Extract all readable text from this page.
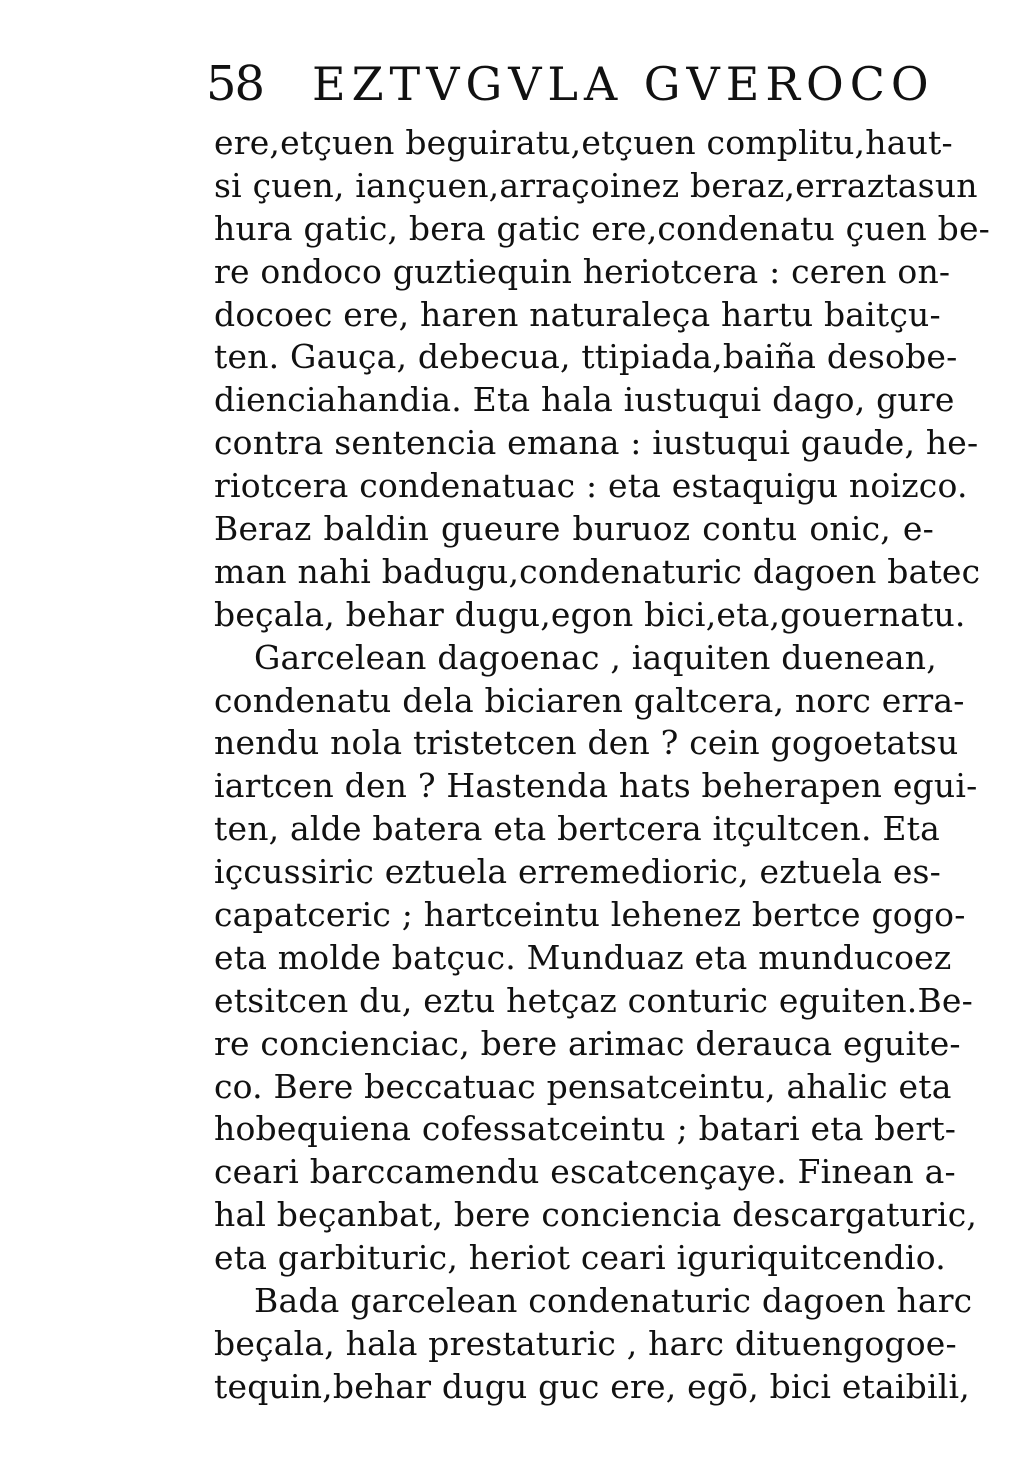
58 EZTVGVLA GVEROCO
ere,etçuen beguiratu,etçuen complitu,haut-
si çuen, iançuen,arraçoinez beraz,erraztasun
hura gatic, bera gatic ere,condenatu çuen be-
re ondoco guztiequin heriotcera : ceren on-
docoec ere, haren naturaleça hartu baitçu-
ten. Gauça, debecua, ttipiada,baiña desobe-
dienciahandia. Eta hala iustuqui dago, gure
contra sentencia emana : iustuqui gaude, he-
riotcera condenatuac : eta estaquigu noizco.
Beraz baldin gueure buruoz contu onic, e-
man nahi badugu,condenaturic dagoen batec
beçala, behar dugu,egon bici,eta,gouernatu.
Garcelean dagoenac , iaquiten duenean,
condenatu dela biciaren galtcera, norc erra-
nendu nola tristetcen den ? cein gogoetatsu
iartcen den ? Hastenda hats beherapen egui-
ten, alde batera eta bertcera itçultcen. Eta
içcussiric eztuela erremedioric, eztuela es-
capatceric ; hartceintu lehenez bertce gogo-
eta molde batçuc. Munduaz eta munducoez
etsitcen du, eztu hetçaz conturic eguiten.Be-
re concienciac, bere arimac derauca eguite-
co. Bere beccatuac pensatceintu, ahalic eta
hobequiena cofessatceintu ; batari eta bert-
ceari barccamendu escatcençaye. Finean a-
hal beçanbat, bere conciencia descargaturic,
eta garbituric, heriot ceari iguriquitcendio.
Bada garcelean condenaturic dagoen harc
beçala, hala prestaturic , harc dituengogoe-
tequin,behar dugu guc ere, egō, bici etaibili,
